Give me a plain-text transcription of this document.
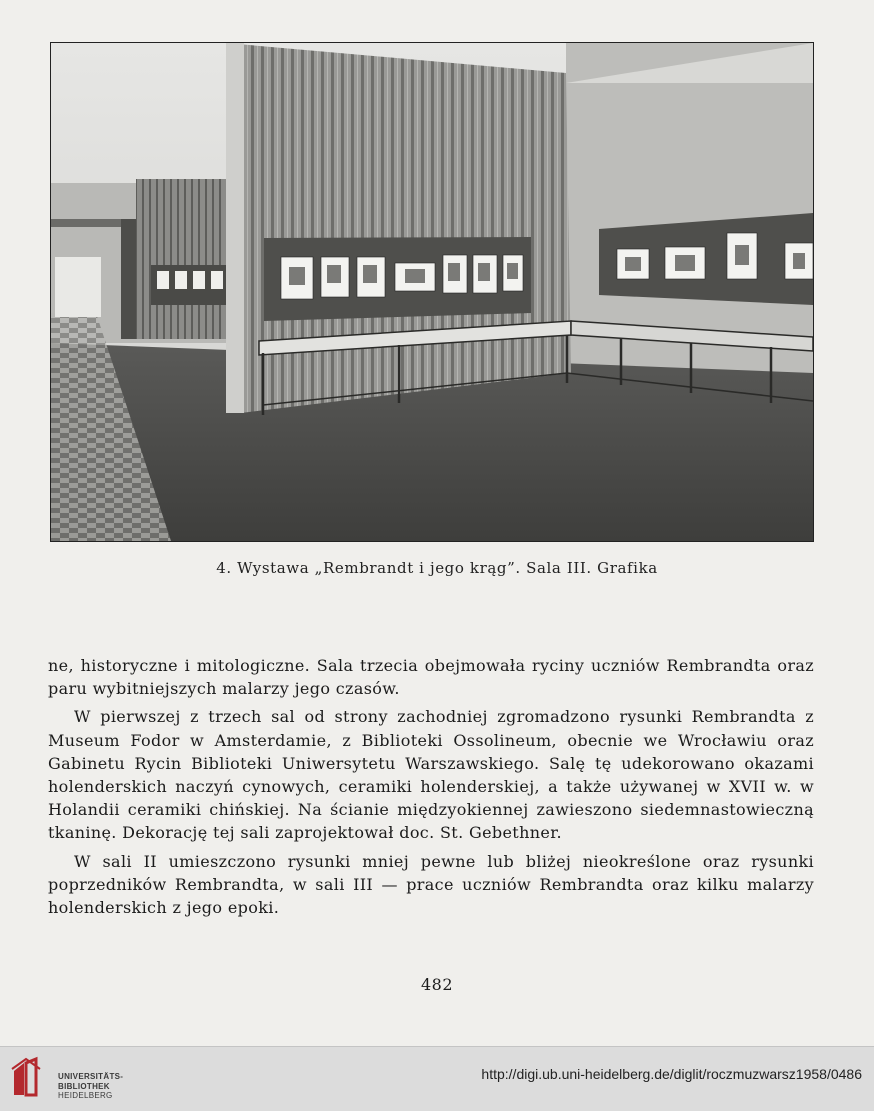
4. Wystawa „Rembrandt i jego krąg”. Sala III. Grafika

ne, historyczne i mitologiczne. Sala trzecia obejmowała ryciny uczniów Rembrandta oraz paru wybitniejszych malarzy jego czasów.

W pierwszej z trzech sal od strony zachodniej zgromadzono rysunki Rembrandta z Museum Fodor w Amsterdamie, z Biblioteki Ossolineum, obecnie we Wrocławiu oraz Gabinetu Rycin Biblioteki Uniwersytetu Warszawskiego. Salę tę udekorowano okazami holenderskich naczyń cynowych, ceramiki holenderskiej, a także używanej w XVII w. w Holandii ceramiki chińskiej. Na ścianie międzyokiennej zawieszono siedemnastowieczną tkaninę. Dekorację tej sali zaprojektował doc. St. Gebethner.

W sali II umieszczono rysunki mniej pewne lub bliżej nieokreślone oraz rysunki poprzedników Rembrandta, w sali III — prace uczniów Rembrandta oraz kilku malarzy holenderskich z jego epoki.

482
UNIVERSITÄTS-
BIBLIOTHEK
HEIDELBERG
http://digi.ub.uni-heidelberg.de/diglit/roczmuzwarsz1958/0486
